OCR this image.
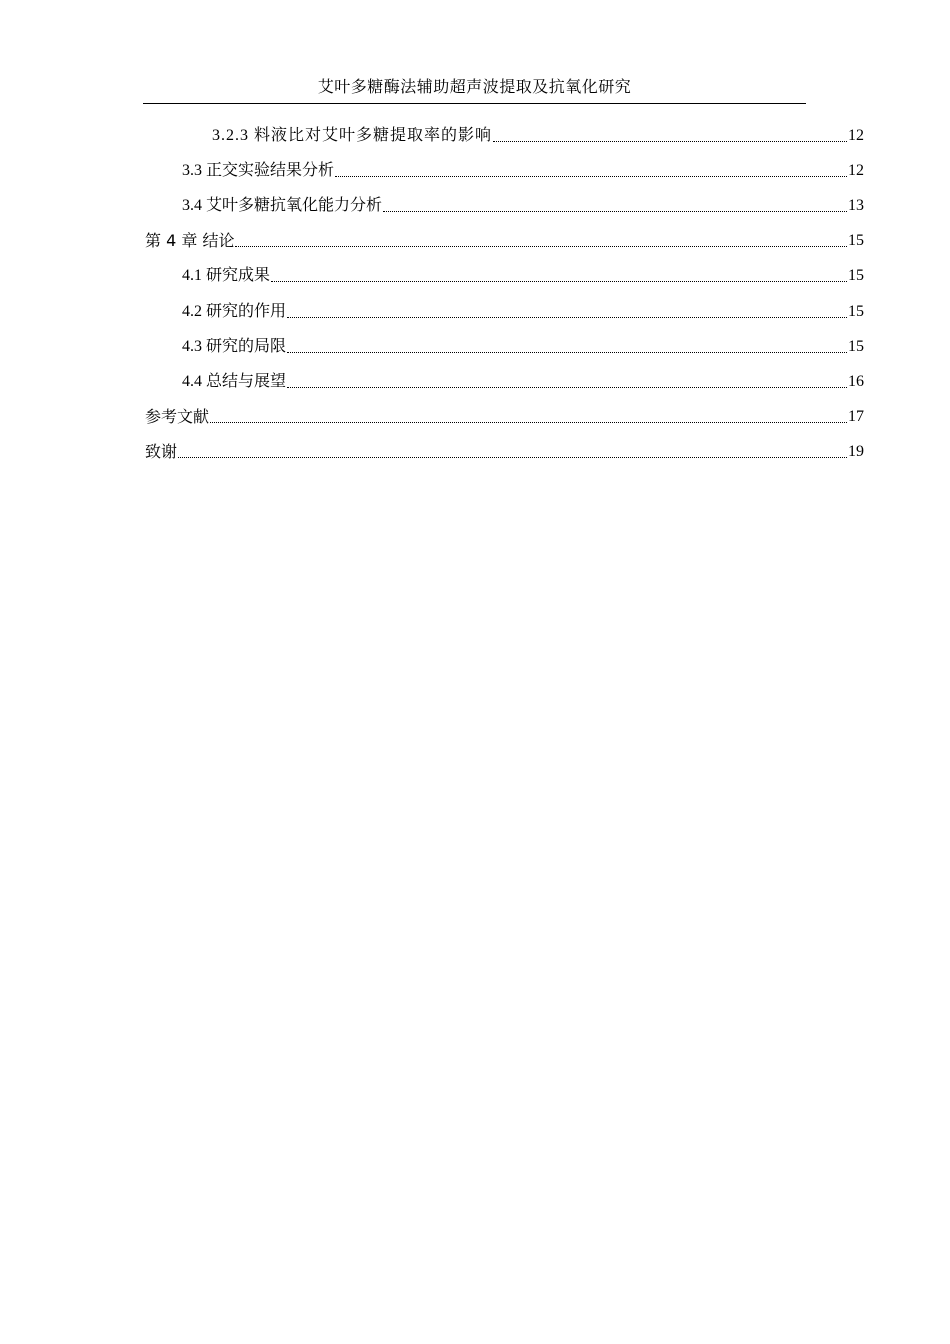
艾叶多糖酶法辅助超声波提取及抗氧化研究
3.2.3 料液比对艾叶多糖提取率的影响	12
3.3 正交实验结果分析	12
3.4 艾叶多糖抗氧化能力分析	13
第 4 章 结论	15
4.1 研究成果	15
4.2 研究的作用	15
4.3 研究的局限	15
4.4 总结与展望	16
参考文献	17
致谢	19
